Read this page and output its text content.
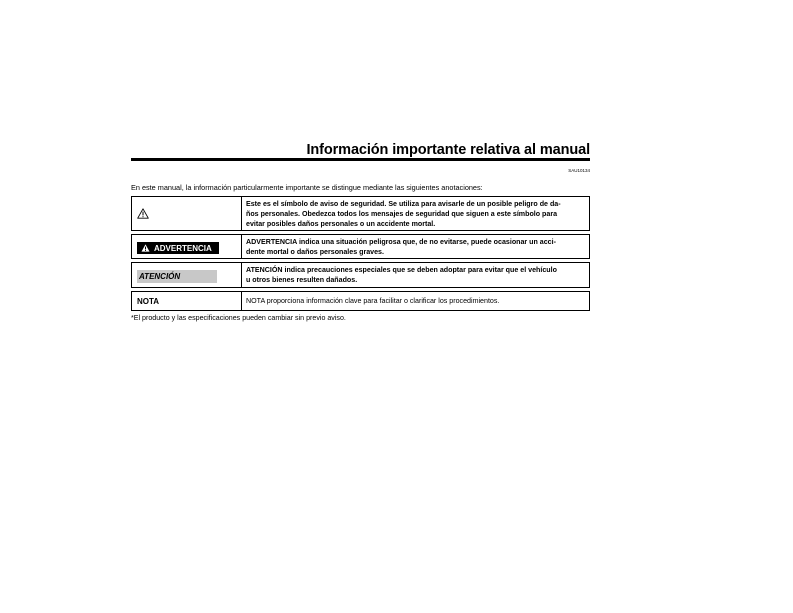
Información importante relativa al manual
SAU10134
En este manual, la información particularmente importante se distingue mediante las siguientes anotaciones:
Este es el símbolo de aviso de seguridad. Se utiliza para avisarle de un posible peligro de da-
ños personales. Obedezca todos los mensajes de seguridad que siguen a este símbolo para
evitar posibles daños personales o un accidente mortal.
ADVERTENCIA
ADVERTENCIA indica una situación peligrosa que, de no evitarse, puede ocasionar un acci-
dente mortal o daños personales graves.
ATENCIÓN
ATENCIÓN indica precauciones especiales que se deben adoptar para evitar que el vehículo
u otros bienes resulten dañados.
NOTA	NOTA proporciona información clave para facilitar o clarificar los procedimientos.
*El producto y las especificaciones pueden cambiar sin previo aviso.
